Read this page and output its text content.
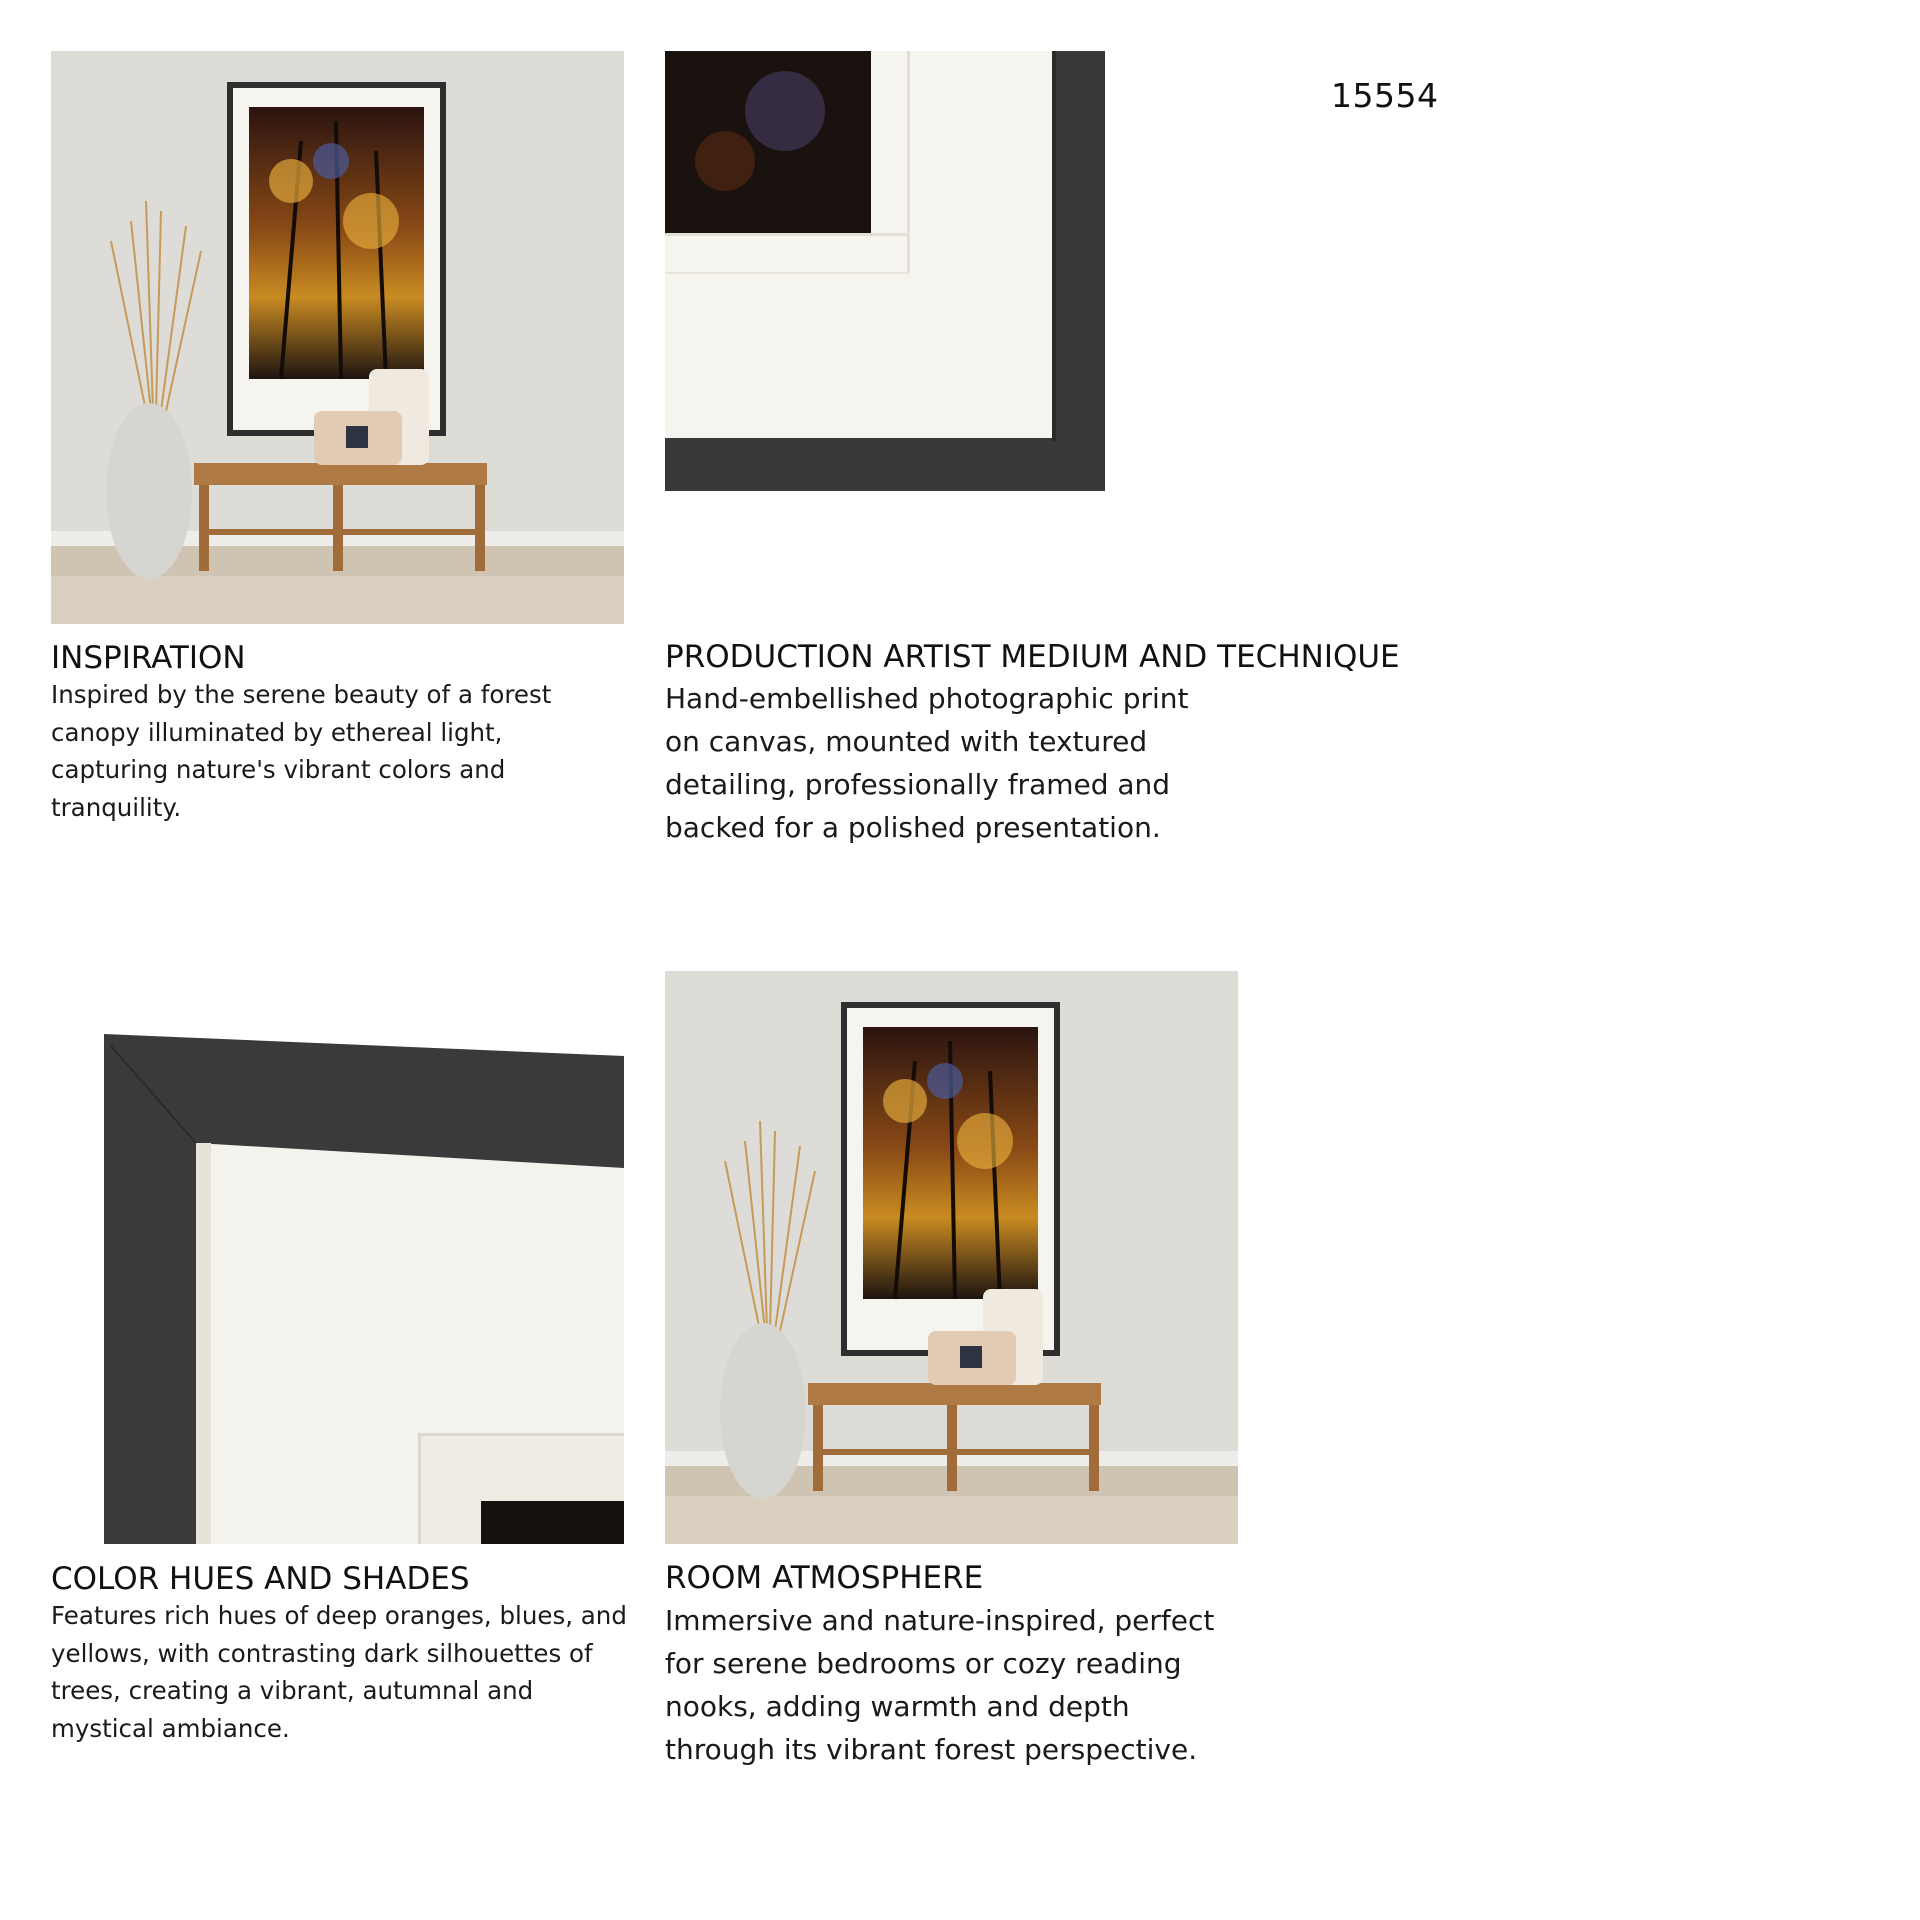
15554
INSPIRATION
Inspired by the serene beauty of a forest
canopy illuminated by ethereal light,
capturing nature's vibrant colors and
tranquility.
PRODUCTION ARTIST MEDIUM AND TECHNIQUE
Hand-embellished photographic print
on canvas, mounted with textured
detailing, professionally framed and
backed for a polished presentation.
COLOR HUES AND SHADES
Features rich hues of deep oranges, blues, and
yellows, with contrasting dark silhouettes of
trees, creating a vibrant, autumnal and
mystical ambiance.
ROOM ATMOSPHERE
Immersive and nature-inspired, perfect
for serene bedrooms or cozy reading
nooks, adding warmth and depth
through its vibrant forest perspective.
